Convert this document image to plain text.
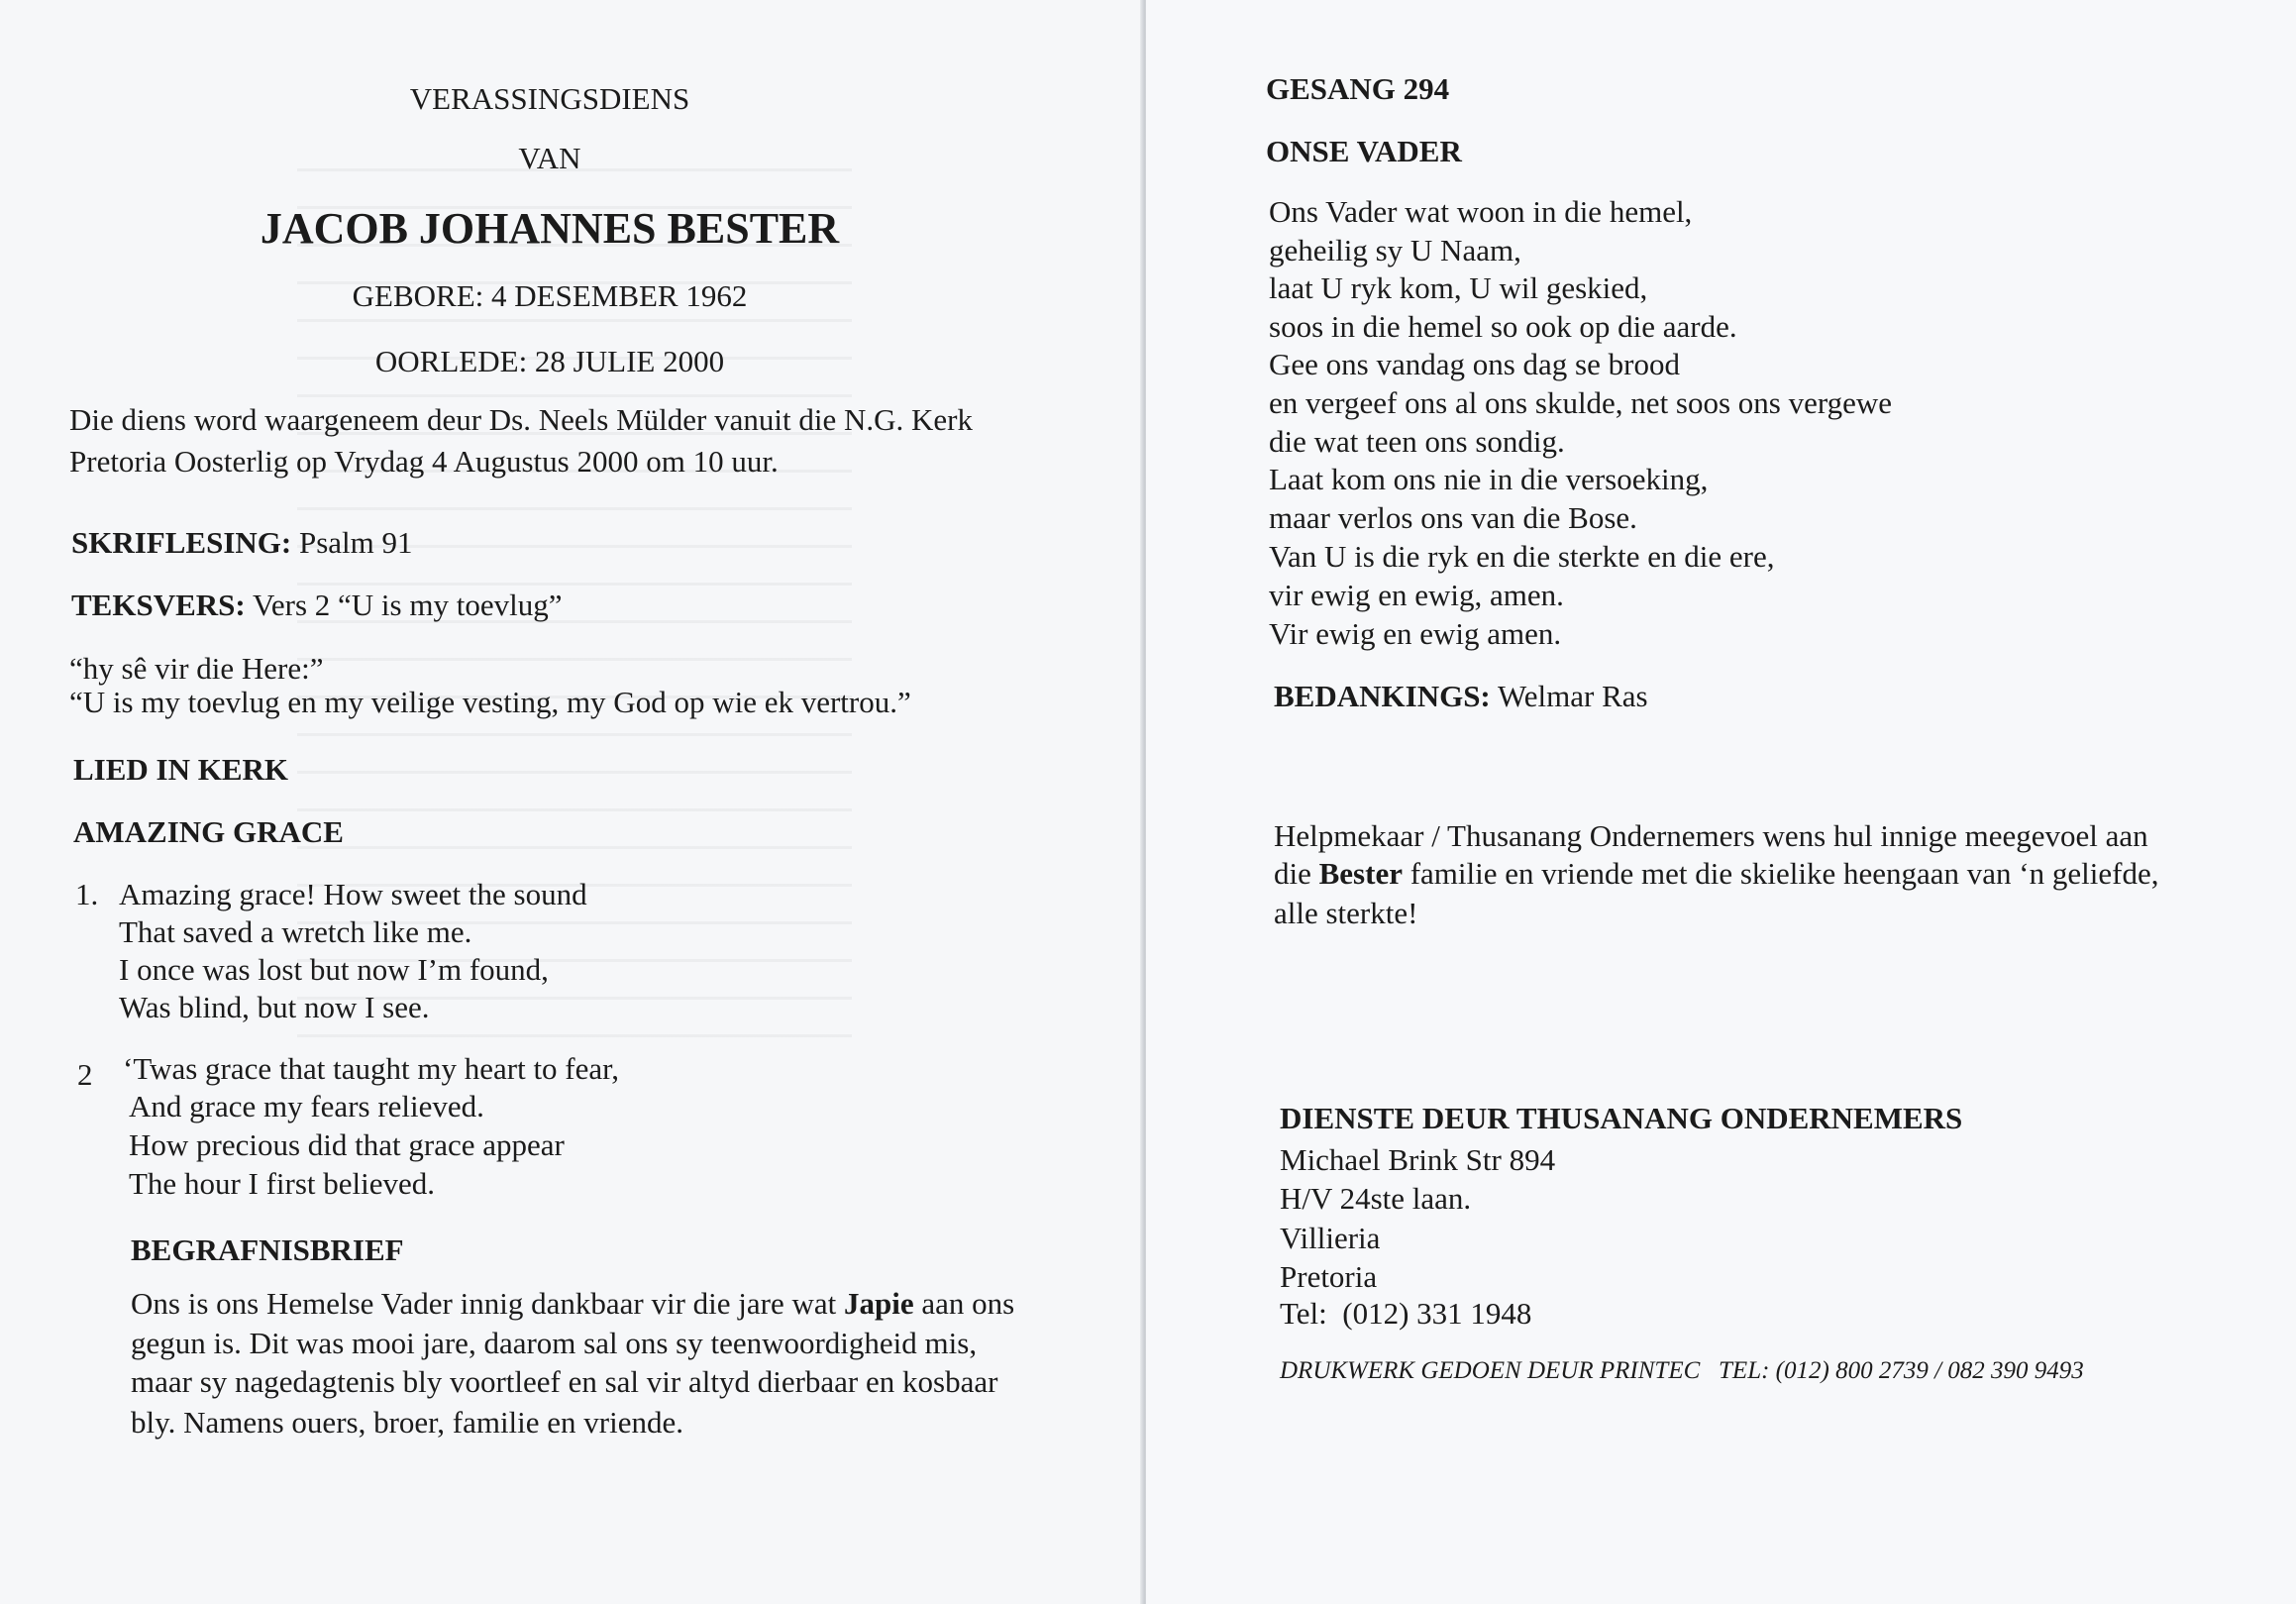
VERASSINGSDIENS
VAN
JACOB JOHANNES BESTER
GEBORE: 4 DESEMBER 1962
OORLEDE: 28 JULIE 2000
Die diens word waargeneem deur Ds. Neels Mülder vanuit die N.G. Kerk
Pretoria Oosterlig op Vrydag 4 Augustus 2000 om 10 uur.
SKRIFLESING: Psalm 91
TEKSVERS: Vers 2 “U is my toevlug”
“hy sê vir die Here:”
“U is my toevlug en my veilige vesting, my God op wie ek vertrou.”
LIED IN KERK
AMAZING GRACE
1. Amazing grace! How sweet the sound
That saved a wretch like me.
I once was lost but now I’m found,
Was blind, but now I see.
2 ‘Twas grace that taught my heart to fear,
And grace my fears relieved.
How precious did that grace appear
The hour I first believed.
BEGRAFNISBRIEF
Ons is ons Hemelse Vader innig dankbaar vir die jare wat Japie aan ons
gegun is. Dit was mooi jare, daarom sal ons sy teenwoordigheid mis,
maar sy nagedagtenis bly voortleef en sal vir altyd dierbaar en kosbaar
bly. Namens ouers, broer, familie en vriende.
GESANG 294
ONSE VADER
Ons Vader wat woon in die hemel,
geheilig sy U Naam,
laat U ryk kom, U wil geskied,
soos in die hemel so ook op die aarde.
Gee ons vandag ons dag se brood
en vergeef ons al ons skulde, net soos ons vergewe
die wat teen ons sondig.
Laat kom ons nie in die versoeking,
maar verlos ons van die Bose.
Van U is die ryk en die sterkte en die ere,
vir ewig en ewig, amen.
Vir ewig en ewig amen.
BEDANKINGS: Welmar Ras
Helpmekaar / Thusanang Ondernemers wens hul innige meegevoel aan
die Bester familie en vriende met die skielike heengaan van ‘n geliefde,
alle sterkte!
DIENSTE DEUR THUSANANG ONDERNEMERS
Michael Brink Str 894
H/V 24ste laan.
Villieria
Pretoria
Tel: (012) 331 1948
DRUKWERK GEDOEN DEUR PRINTEC TEL: (012) 800 2739 / 082 390 9493
